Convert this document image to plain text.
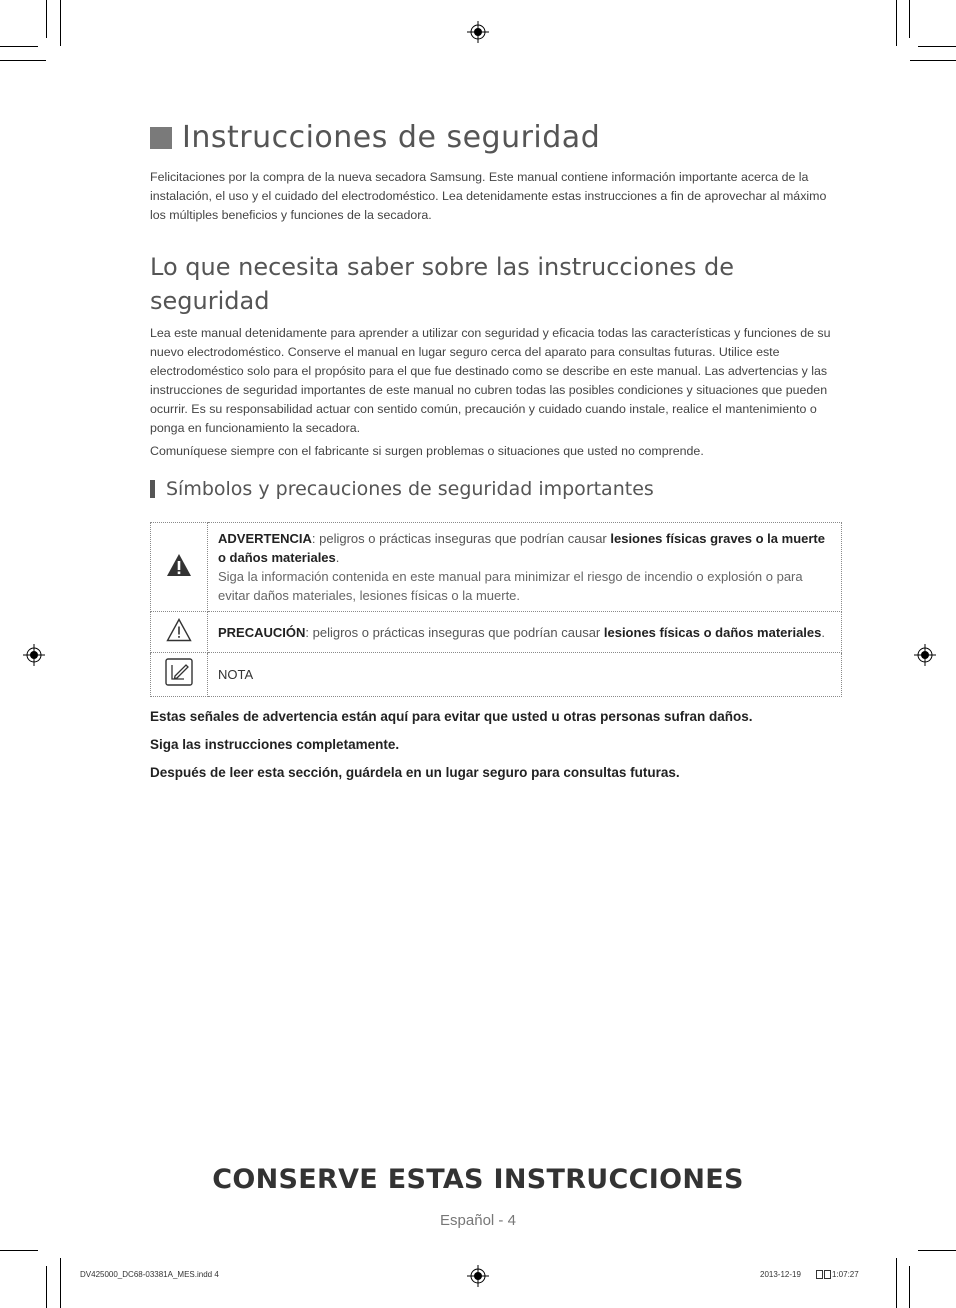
Instrucciones de seguridad

Felicitaciones por la compra de la nueva secadora Samsung. Este manual contiene información importante acerca de la instalación, el uso y el cuidado del electrodoméstico. Lea detenidamente estas instrucciones a fin de aprovechar al máximo los múltiples beneficios y funciones de la secadora.

Lo que necesita saber sobre las instrucciones de seguridad

Lea este manual detenidamente para aprender a utilizar con seguridad y eficacia todas las características y funciones de su nuevo electrodoméstico. Conserve el manual en lugar seguro cerca del aparato para consultas futuras. Utilice este electrodoméstico solo para el propósito para el que fue destinado como se describe en este manual. Las advertencias y las instrucciones de seguridad importantes de este manual no cubren todas las posibles condiciones y situaciones que pueden ocurrir. Es su responsabilidad actuar con sentido común, precaución y cuidado cuando instale, realice el mantenimiento o ponga en funcionamiento la secadora.

Comuníquese siempre con el fabricante si surgen problemas o situaciones que usted no comprende.

Símbolos y precauciones de seguridad importantes

ADVERTENCIA: peligros o prácticas inseguras que podrían causar lesiones físicas graves o la muerte o daños materiales.
Siga la información contenida en este manual para minimizar el riesgo de incendio o explosión o para evitar daños materiales, lesiones físicas o la muerte.

	PRECAUCIÓN: peligros o prácticas inseguras que podrían causar lesiones físicas o daños materiales.
	NOTA

Estas señales de advertencia están aquí para evitar que usted u otras personas sufran daños.

Siga las instrucciones completamente.

Después de leer esta sección, guárdela en un lugar seguro para consultas futuras.

CONSERVE ESTAS INSTRUCCIONES

Español - 4

DV425000_DC68-03381A_MES.indd 4	2013-12-19	1:07:27
